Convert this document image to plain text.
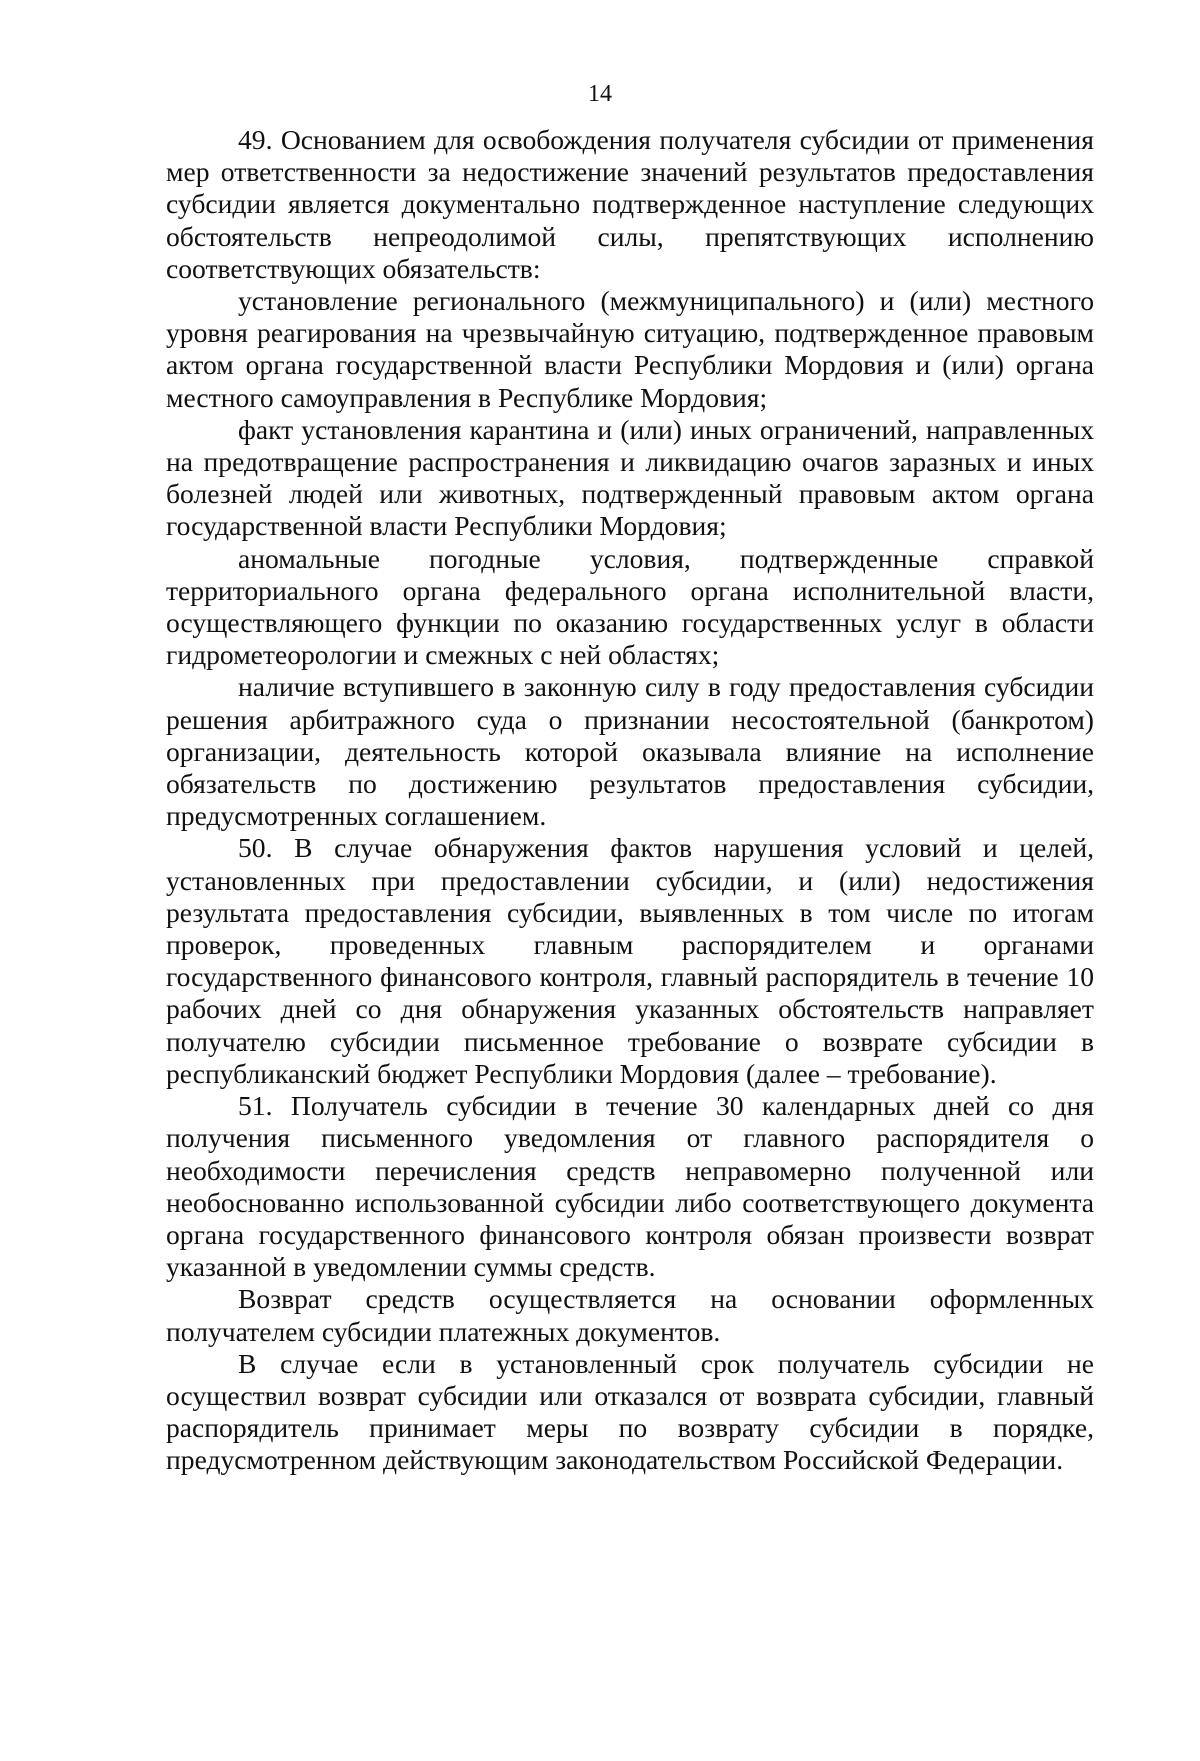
14

49. Основанием для освобождения получателя субсидии от применения мер ответственности за недостижение значений результатов предоставления субсидии является документально подтвержденное наступление следующих обстоятельств непреодолимой силы, препятствующих исполнению соответствующих обязательств:

установление регионального (межмуниципального) и (или) местного уровня реагирования на чрезвычайную ситуацию, подтвержденное правовым актом органа государственной власти Республики Мордовия и (или) органа местного самоуправления в Республике Мордовия;

факт установления карантина и (или) иных ограничений, направленных на предотвращение распространения и ликвидацию очагов заразных и иных болезней людей или животных, подтвержденный правовым актом органа государственной власти Республики Мордовия;

аномальные погодные условия, подтвержденные справкой территориального органа федерального органа исполнительной власти, осуществляющего функции по оказанию государственных услуг в области гидрометеорологии и смежных с ней областях;

наличие вступившего в законную силу в году предоставления субсидии решения арбитражного суда о признании несостоятельной (банкротом) организации, деятельность которой оказывала влияние на исполнение обязательств по достижению результатов предоставления субсидии, предусмотренных соглашением.

50. В случае обнаружения фактов нарушения условий и целей, установленных при предоставлении субсидии, и (или) недостижения результата предоставления субсидии, выявленных в том числе по итогам проверок, проведенных главным распорядителем и органами государственного финансового контроля, главный распорядитель в течение 10 рабочих дней со дня обнаружения указанных обстоятельств направляет получателю субсидии письменное требование о возврате субсидии в республиканский бюджет Республики Мордовия (далее – требование).

51. Получатель субсидии в течение 30 календарных дней со дня получения письменного уведомления от главного распорядителя о необходимости перечисления средств неправомерно полученной или необоснованно использованной субсидии либо соответствующего документа органа государственного финансового контроля обязан произвести возврат указанной в уведомлении суммы средств.

Возврат средств осуществляется на основании оформленных получателем субсидии платежных документов.

В случае если в установленный срок получатель субсидии не осуществил возврат субсидии или отказался от возврата субсидии, главный распорядитель принимает меры по возврату субсидии в порядке, предусмотренном действующим законодательством Российской Федерации.
